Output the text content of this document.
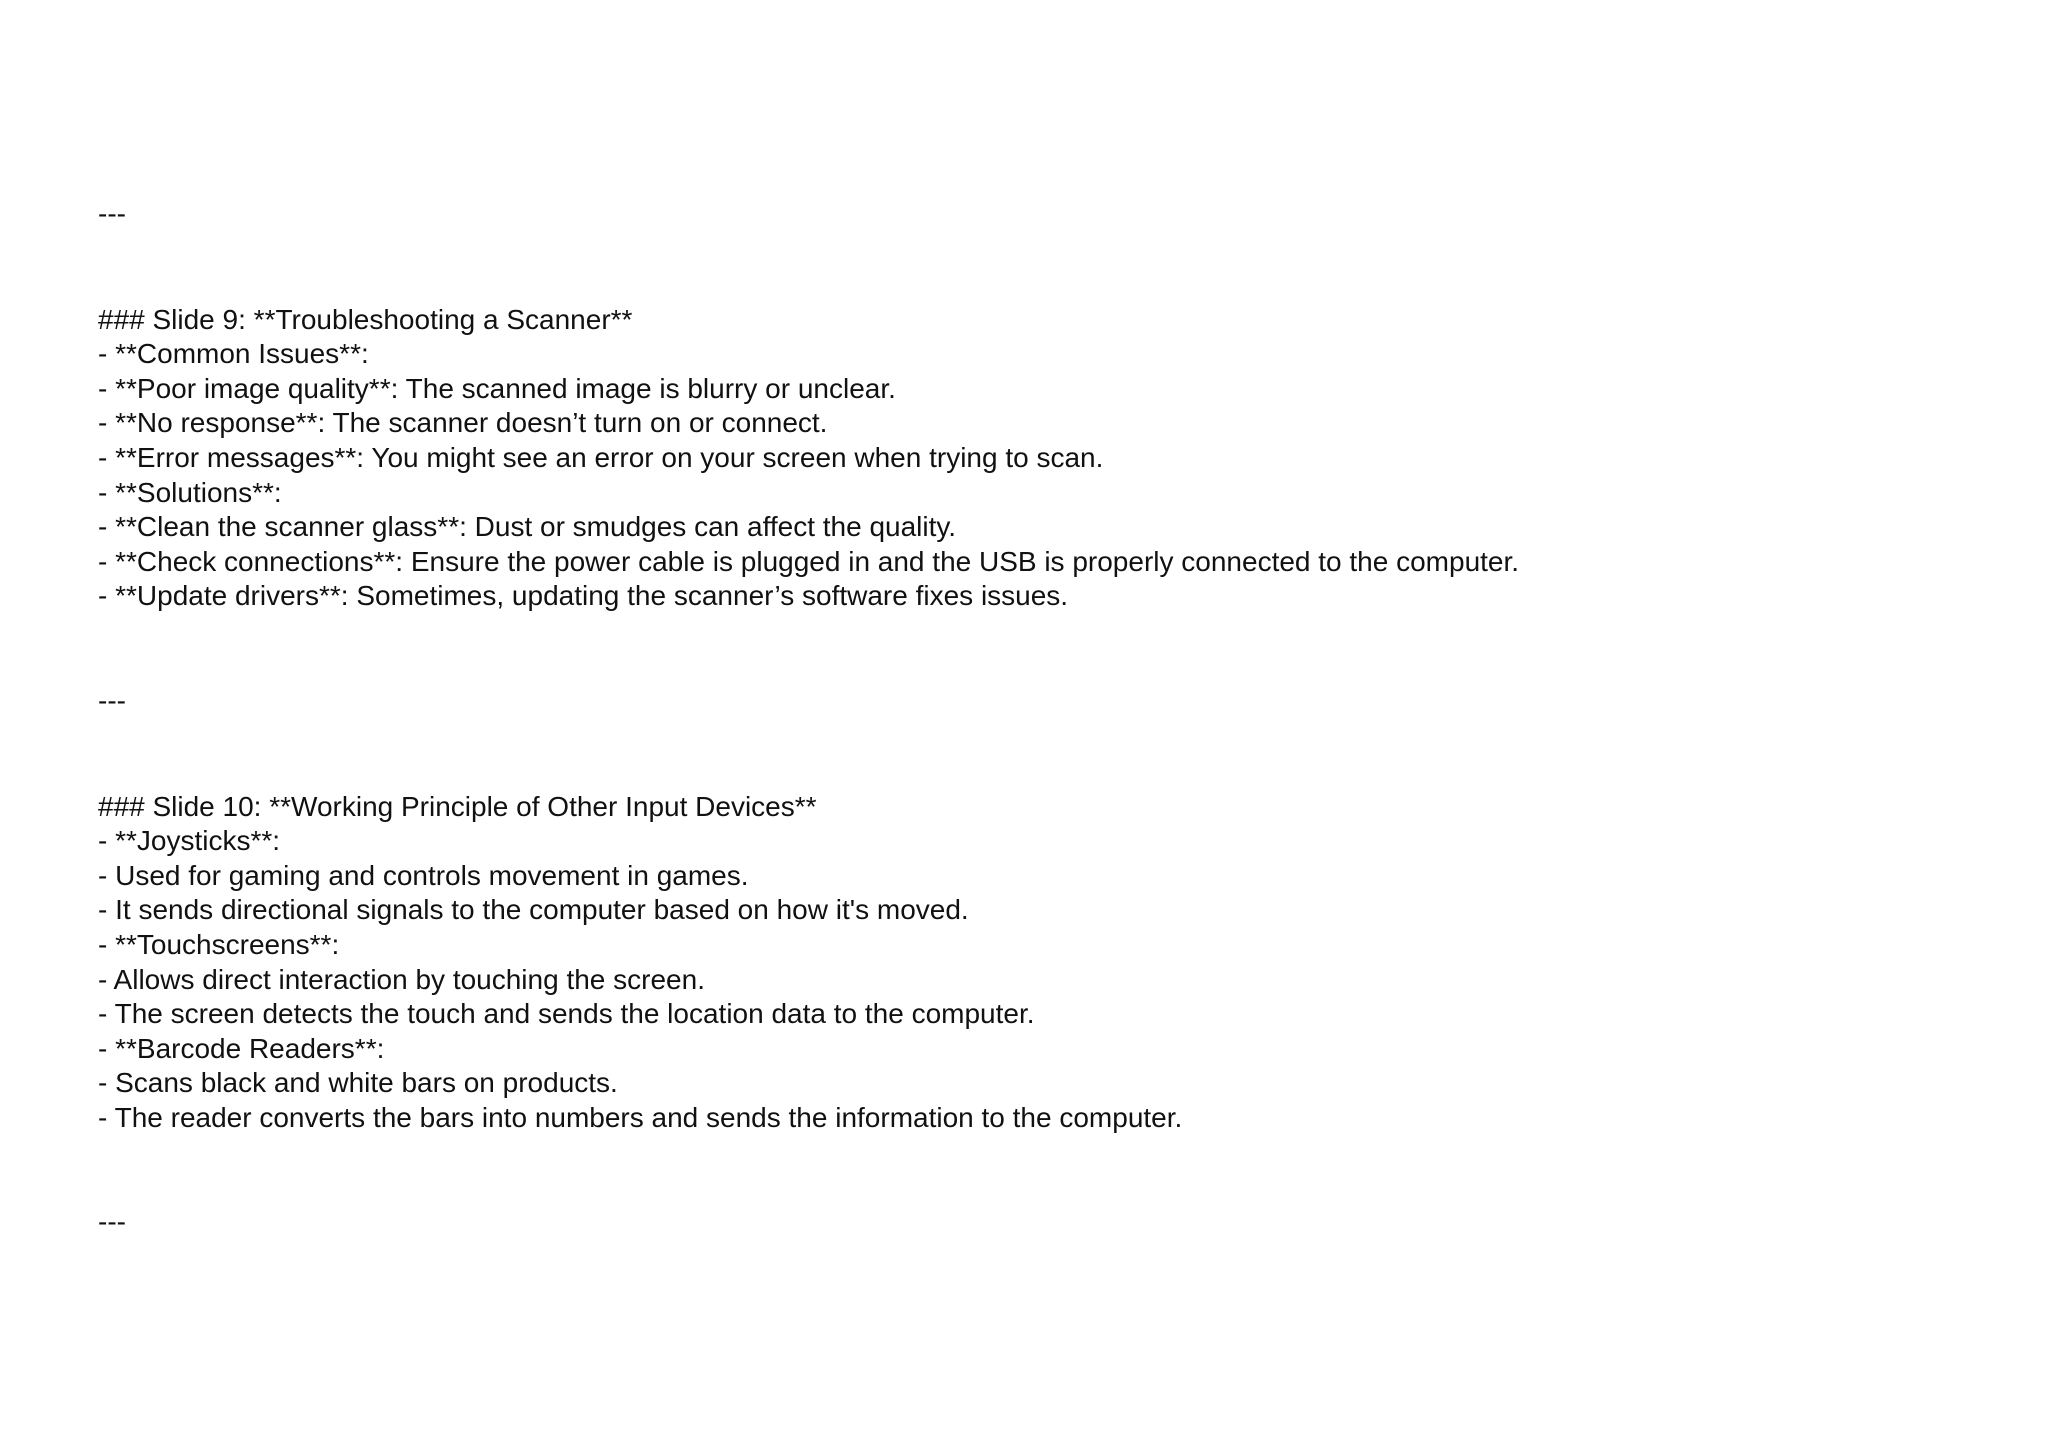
---

### Slide 9: **Troubleshooting a Scanner**

- **Common Issues**:

- **Poor image quality**: The scanned image is blurry or unclear.

- **No response**: The scanner doesn’t turn on or connect.

- **Error messages**: You might see an error on your screen when trying to scan.

- **Solutions**:

- **Clean the scanner glass**: Dust or smudges can affect the quality.

- **Check connections**: Ensure the power cable is plugged in and the USB is properly connected to the computer.

- **Update drivers**: Sometimes, updating the scanner’s software fixes issues.

---

### Slide 10: **Working Principle of Other Input Devices**

- **Joysticks**:

- Used for gaming and controls movement in games.

- It sends directional signals to the computer based on how it's moved.

- **Touchscreens**:

- Allows direct interaction by touching the screen.

- The screen detects the touch and sends the location data to the computer.

- **Barcode Readers**:

- Scans black and white bars on products.

- The reader converts the bars into numbers and sends the information to the computer.

---
